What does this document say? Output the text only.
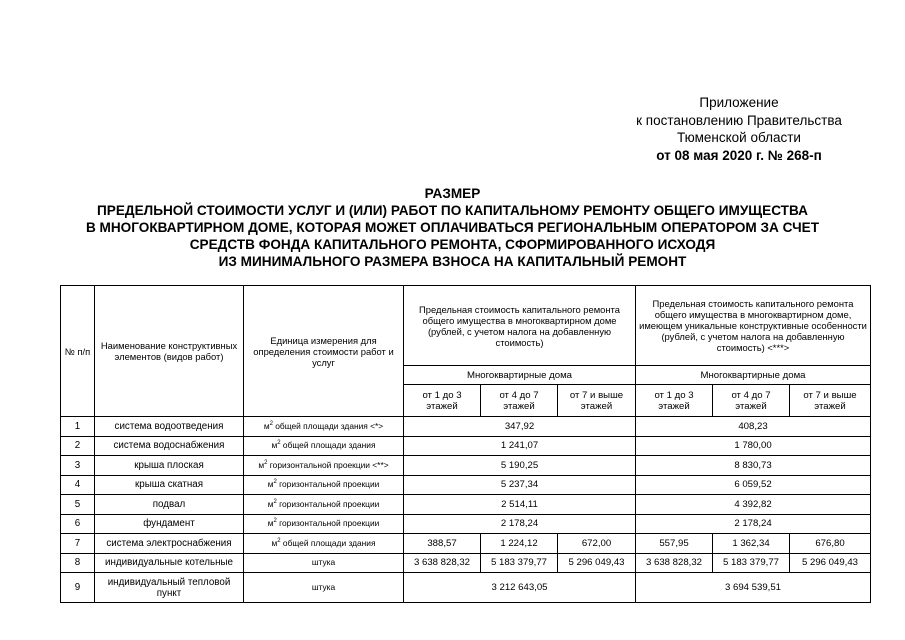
Приложение
к постановлению Правительства
Тюменской области
от 08 мая 2020 г. № 268-п
РАЗМЕР
ПРЕДЕЛЬНОЙ СТОИМОСТИ УСЛУГ И (ИЛИ) РАБОТ ПО КАПИТАЛЬНОМУ РЕМОНТУ ОБЩЕГО ИМУЩЕСТВА
В МНОГОКВАРТИРНОМ ДОМЕ, КОТОРАЯ МОЖЕТ ОПЛАЧИВАТЬСЯ РЕГИОНАЛЬНЫМ ОПЕРАТОРОМ ЗА СЧЕТ
СРЕДСТВ ФОНДА КАПИТАЛЬНОГО РЕМОНТА, СФОРМИРОВАННОГО ИСХОДЯ
ИЗ МИНИМАЛЬНОГО РАЗМЕРА ВЗНОСА НА КАПИТАЛЬНЫЙ РЕМОНТ
№ п/п	Наименование конструктивных элементов (видов работ)	Единица измерения для определения стоимости работ и услуг	Предельная стоимость капитального ремонта общего имущества в многоквартирном доме (рублей, с учетом налога на добавленную стоимость)			Предельная стоимость капитального ремонта общего имущества в многоквартирном доме, имеющем уникальные конструктивные особенности (рублей, с учетом налога на добавленную стоимость) <***>		
			Многоквартирные дома			Многоквартирные дома		
			от 1 до 3 этажей	от 4 до 7 этажей	от 7 и выше этажей	от 1 до 3 этажей	от 4 до 7 этажей	от 7 и выше этажей
1	система водоотведения	$м^2$ общей площади здания <*>	347,92			408,23		
2	система водоснабжения	$м^2$ общей площади здания	1 241,07			1 780,00		
3	крыша плоская	$м^2$ горизонтальной проекции <**>	5 190,25			8 830,73		
4	крыша скатная	$м^2$ горизонтальной проекции	5 237,34			6 059,52		
5	подвал	$м^2$ горизонтальной проекции	2 514,11			4 392,82		
6	фундамент	$м^2$ горизонтальной проекции	2 178,24			2 178,24		
7	система электроснабжения	$м^2$ общей площади здания	388,57	1 224,12	672,00	557,95	1 362,34	676,80
8	индивидуальные котельные	штука	3 638 828,32	5 183 379,77	5 296 049,43	3 638 828,32	5 183 379,77	5 296 049,43
9	индивидуальный тепловой пункт	штука	3 212 643,05			3 694 539,51		
